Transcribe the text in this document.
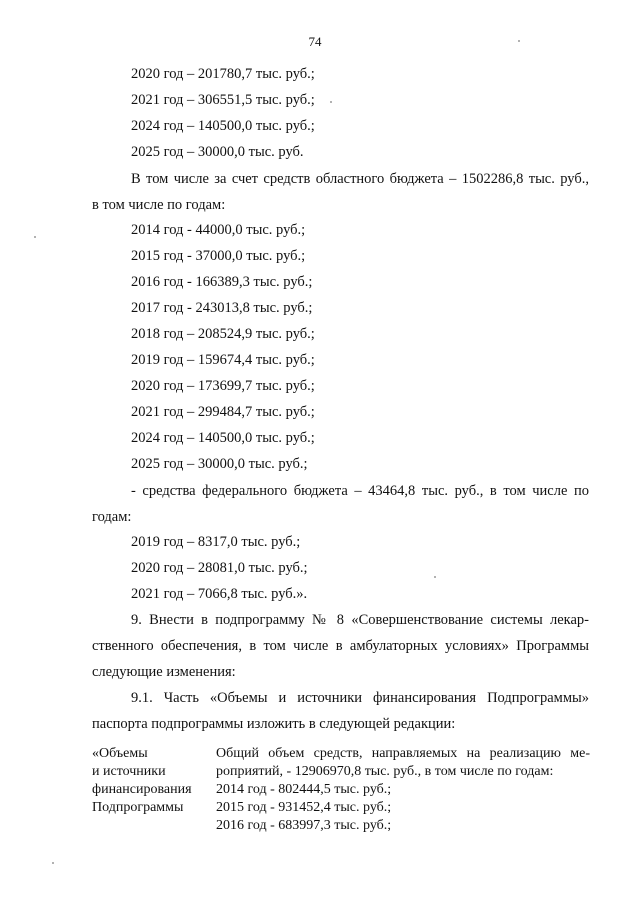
74
2020 год – 201780,7 тыс. руб.;
2021 год – 306551,5 тыс. руб.;
2024 год – 140500,0 тыс. руб.;
2025 год – 30000,0 тыс. руб.
В том числе за счет средств областного бюджета – 1502286,8 тыс. руб.,
в том числе по годам:
2014 год - 44000,0 тыс. руб.;
2015 год - 37000,0 тыс. руб.;
2016 год - 166389,3 тыс. руб.;
2017 год - 243013,8 тыс. руб.;
2018 год – 208524,9 тыс. руб.;
2019 год – 159674,4 тыс. руб.;
2020 год – 173699,7 тыс. руб.;
2021 год – 299484,7 тыс. руб.;
2024 год – 140500,0 тыс. руб.;
2025 год – 30000,0 тыс. руб.;
- средства федерального бюджета – 43464,8 тыс. руб., в том числе по
годам:
2019 год – 8317,0 тыс. руб.;
2020 год – 28081,0 тыс. руб.;
2021 год – 7066,8 тыс. руб.».
9. Внести в подпрограмму № 8 «Совершенствование системы лекар-
ственного обеспечения, в том числе в амбулаторных условиях» Программы
следующие изменения:
9.1. Часть «Объемы и источники финансирования Подпрограммы»
паспорта подпрограммы изложить в следующей редакции:
«Объемы
и источники
финансирования
Подпрограммы
Общий объем средств, направляемых на реализацию ме-
роприятий, - 12906970,8 тыс. руб., в том числе по годам:
2014 год - 802444,5 тыс. руб.;
2015 год - 931452,4 тыс. руб.;
2016 год - 683997,3 тыс. руб.;
